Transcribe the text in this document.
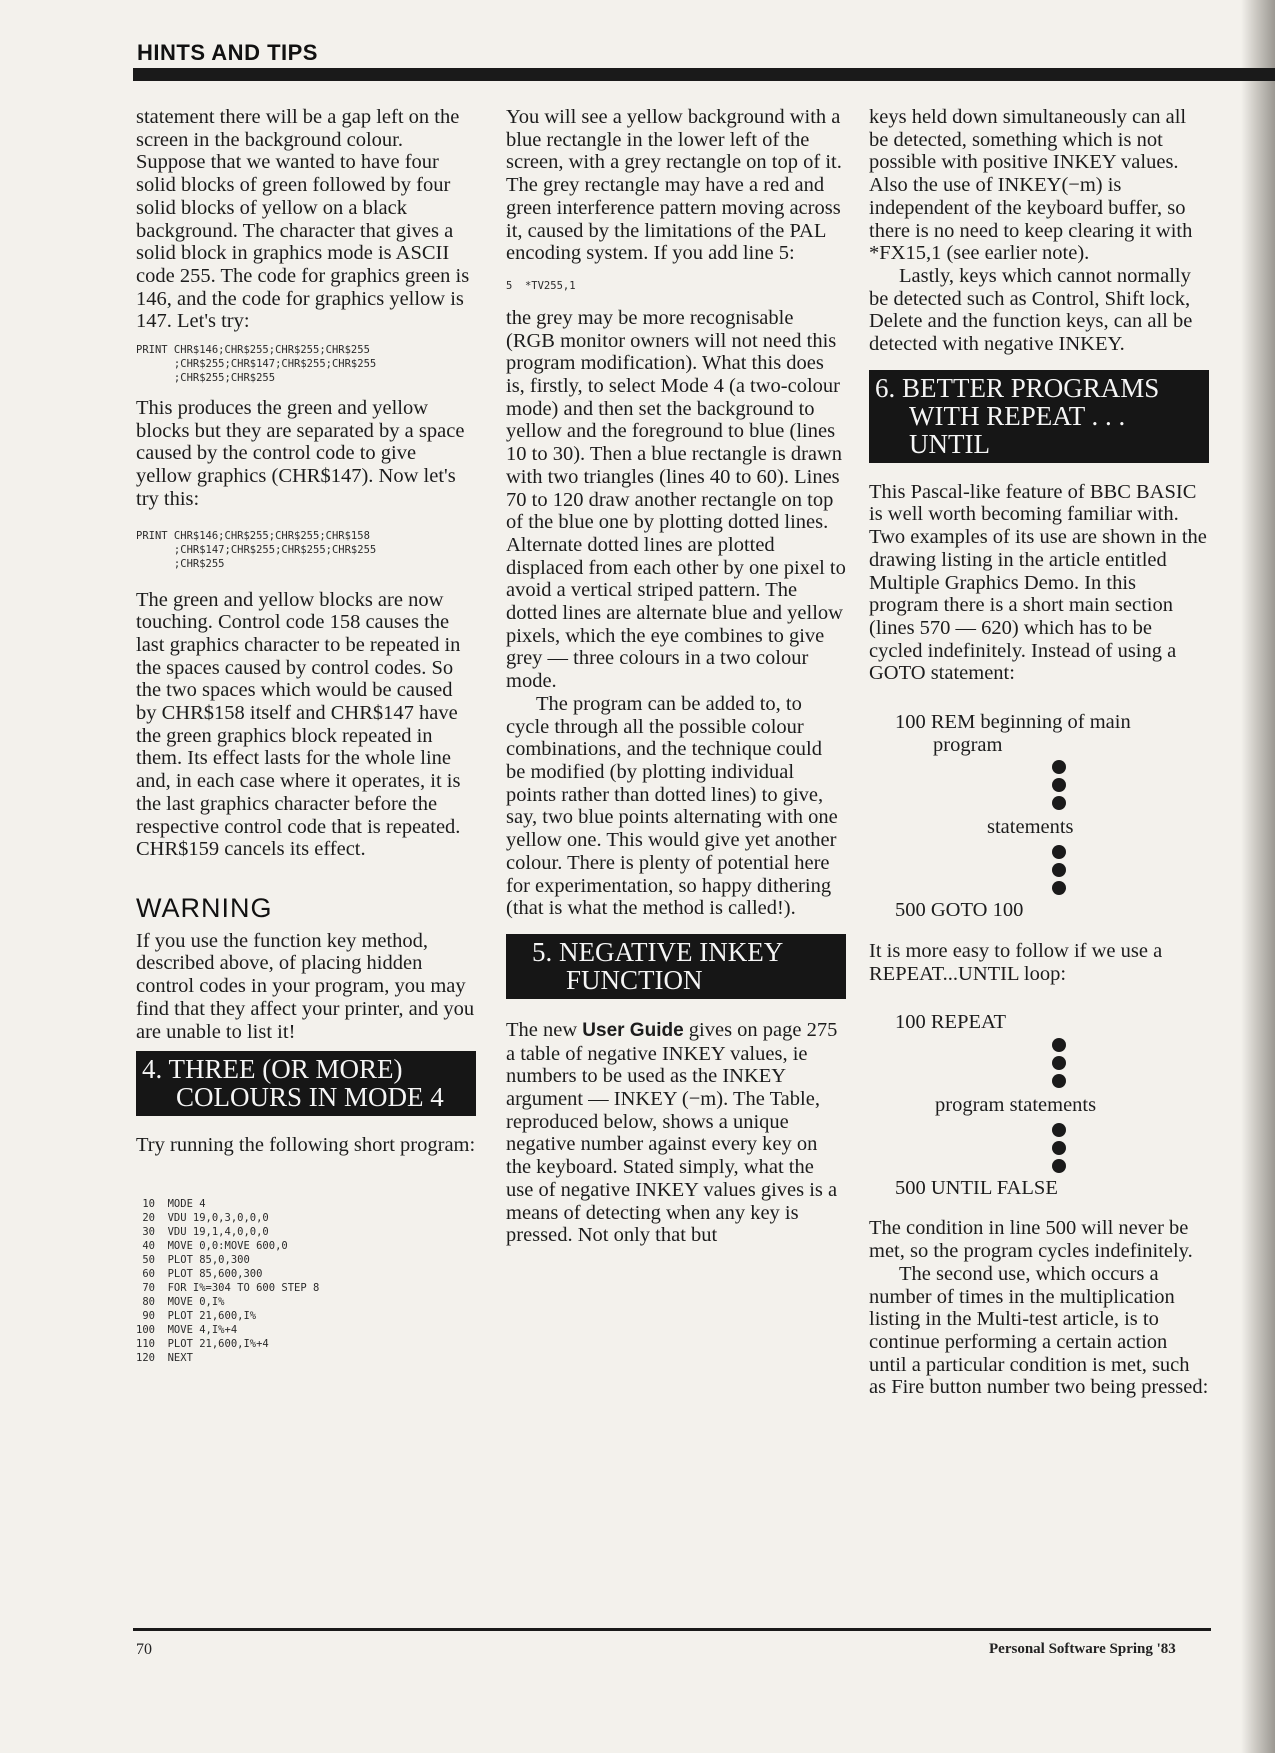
HINTS AND TIPS

statement there will be a gap left on the screen in the background colour. Suppose that we wanted to have four solid blocks of green followed by four solid blocks of yellow on a black background. The character that gives a solid block in graphics mode is ASCII code 255. The code for graphics green is 146, and the code for graphics yellow is 147. Let's try:

PRINT CHR$146;CHR$255;CHR$255;CHR$255
;CHR$255;CHR$147;CHR$255;CHR$255
;CHR$255;CHR$255

This produces the green and yellow blocks but they are separated by a space caused by the control code to give yellow graphics (CHR$147). Now let's try this:

PRINT CHR$146;CHR$255;CHR$255;CHR$158
;CHR$147;CHR$255;CHR$255;CHR$255
;CHR$255

The green and yellow blocks are now touching. Control code 158 causes the last graphics character to be repeated in the spaces caused by control codes. So the two spaces which would be caused by CHR$158 itself and CHR$147 have the green graphics block repeated in them. Its effect lasts for the whole line and, in each case where it operates, it is the last graphics character before the respective control code that is repeated. CHR$159 cancels its effect.

WARNING

If you use the function key method, described above, of placing hidden control codes in your program, you may find that they affect your printer, and you are unable to list it!

4. THREE (OR MORE)
COLOURS IN MODE 4

Try running the following short program:

10  MODE 4
20  VDU 19,0,3,0,0,0
30  VDU 19,1,4,0,0,0
40  MOVE 0,0:MOVE 600,0
50  PLOT 85,0,300
60  PLOT 85,600,300
70  FOR I%=304 TO 600 STEP 8
80  MOVE 0,I%
90  PLOT 21,600,I%
100  MOVE 4,I%+4
110  PLOT 21,600,I%+4
120  NEXT

You will see a yellow background with a blue rectangle in the lower left of the screen, with a grey rectangle on top of it. The grey rectangle may have a red and green interference pattern moving across it, caused by the limitations of the PAL encoding system. If you add line 5:

5  *TV255,1

the grey may be more recognisable (RGB monitor owners will not need this program modification). What this does is, firstly, to select Mode 4 (a two-colour mode) and then set the background to yellow and the foreground to blue (lines 10 to 30). Then a blue rectangle is drawn with two triangles (lines 40 to 60). Lines 70 to 120 draw another rectangle on top of the blue one by plotting dotted lines. Alternate dotted lines are plotted displaced from each other by one pixel to avoid a vertical striped pattern. The dotted lines are alternate blue and yellow pixels, which the eye combines to give grey — three colours in a two colour mode.

The program can be added to, to cycle through all the possible colour combinations, and the technique could be modified (by plotting individual points rather than dotted lines) to give, say, two blue points alternating with one yellow one. This would give yet another colour. There is plenty of potential here for experimentation, so happy dithering (that is what the method is called!).

5. NEGATIVE INKEY
FUNCTION

The new User Guide gives on page 275 a table of negative INKEY values, ie numbers to be used as the INKEY argument — INKEY (−m). The Table, reproduced below, shows a unique negative number against every key on the keyboard. Stated simply, what the use of negative INKEY values gives is a means of detecting when any key is pressed. Not only that but

keys held down simultaneously can all be detected, something which is not possible with positive INKEY values. Also the use of INKEY(−m) is independent of the keyboard buffer, so there is no need to keep clearing it with *FX15,1 (see earlier note).

Lastly, keys which cannot normally be detected such as Control, Shift lock, Delete and the function keys, can all be detected with negative INKEY.

6. BETTER PROGRAMS
WITH REPEAT . . .
UNTIL

This Pascal-like feature of BBC BASIC is well worth becoming familiar with. Two examples of its use are shown in the drawing listing in the article entitled Multiple Graphics Demo. In this program there is a short main section (lines 570 — 620) which has to be cycled indefinitely. Instead of using a GOTO statement:

100 REM beginning of main
program
statements
500 GOTO 100

It is more easy to follow if we use a REPEAT...UNTIL loop:

100 REPEAT
program statements
500 UNTIL FALSE

The condition in line 500 will never be met, so the program cycles indefinitely.

The second use, which occurs a number of times in the multiplication listing in the Multi-test article, is to continue performing a certain action until a particular condition is met, such as Fire button number two being pressed:

70	Personal Software Spring '83
